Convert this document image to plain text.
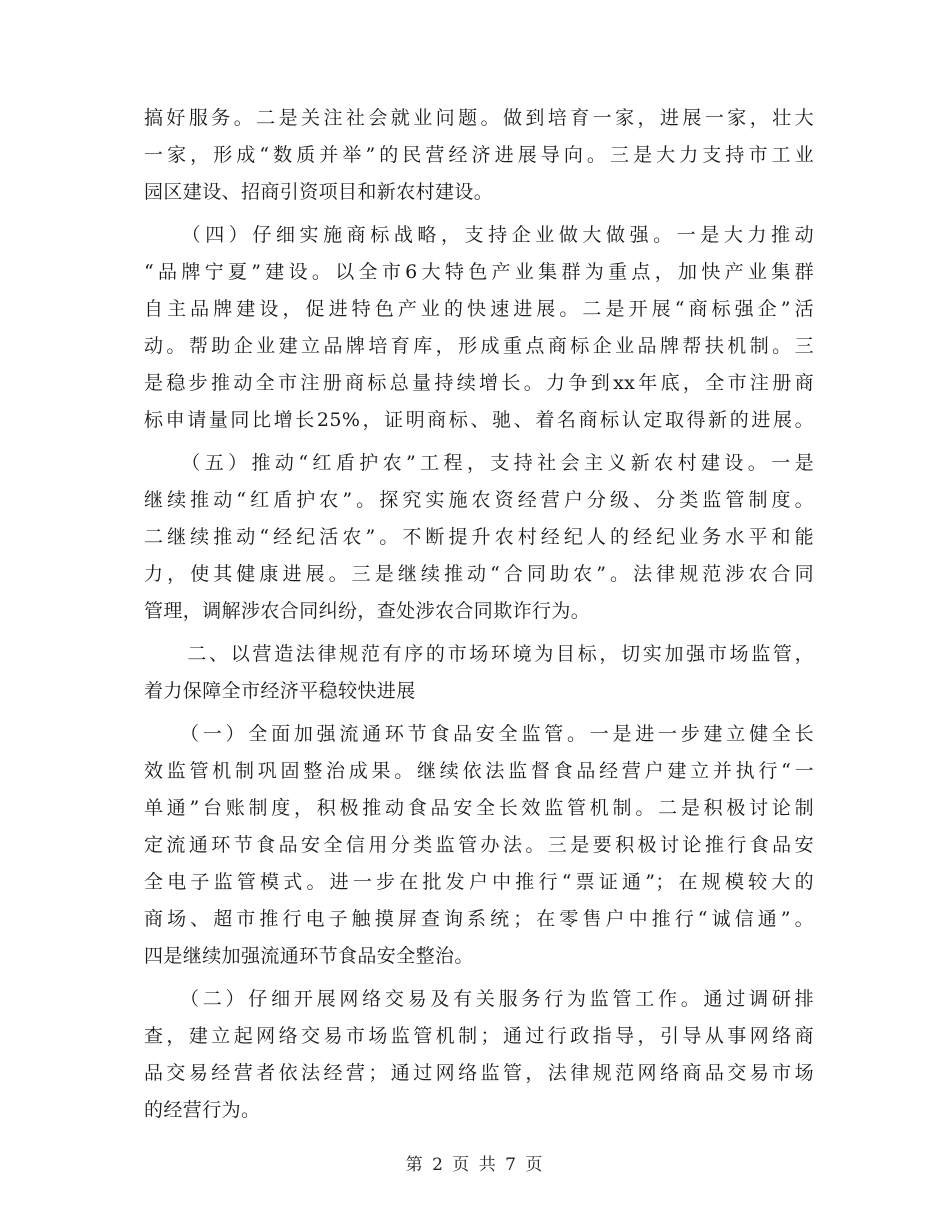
搞好服务。二是关注社会就业问题。做到培育一家，进展一家，壮大
一家，形成“数质并举”的民营经济进展导向。三是大力支持市工业
园区建设、招商引资项目和新农村建设。
　　（四）仔细实施商标战略，支持企业做大做强。一是大力推动
“品牌宁夏”建设。以全市6大特色产业集群为重点，加快产业集群
自主品牌建设，促进特色产业的快速进展。二是开展“商标强企”活
动。帮助企业建立品牌培育库，形成重点商标企业品牌帮扶机制。三
是稳步推动全市注册商标总量持续增长。力争到xx年底，全市注册商
标申请量同比增长25%，证明商标、驰、着名商标认定取得新的进展。
　　（五）推动“红盾护农”工程，支持社会主义新农村建设。一是
继续推动“红盾护农”。探究实施农资经营户分级、分类监管制度。
二继续推动“经纪活农”。不断提升农村经纪人的经纪业务水平和能
力，使其健康进展。三是继续推动“合同助农”。法律规范涉农合同
管理，调解涉农合同纠纷，查处涉农合同欺诈行为。
　　二、以营造法律规范有序的市场环境为目标，切实加强市场监管，
着力保障全市经济平稳较快进展
　　（一）全面加强流通环节食品安全监管。一是进一步建立健全长
效监管机制巩固整治成果。继续依法监督食品经营户建立并执行“一
单通”台账制度，积极推动食品安全长效监管机制。二是积极讨论制
定流通环节食品安全信用分类监管办法。三是要积极讨论推行食品安
全电子监管模式。进一步在批发户中推行“票证通”；在规模较大的
商场、超市推行电子触摸屏查询系统；在零售户中推行“诚信通”。
四是继续加强流通环节食品安全整治。
　　（二）仔细开展网络交易及有关服务行为监管工作。通过调研排
查，建立起网络交易市场监管机制；通过行政指导，引导从事网络商
品交易经营者依法经营；通过网络监管，法律规范网络商品交易市场
的经营行为。
第 2 页 共 7 页
